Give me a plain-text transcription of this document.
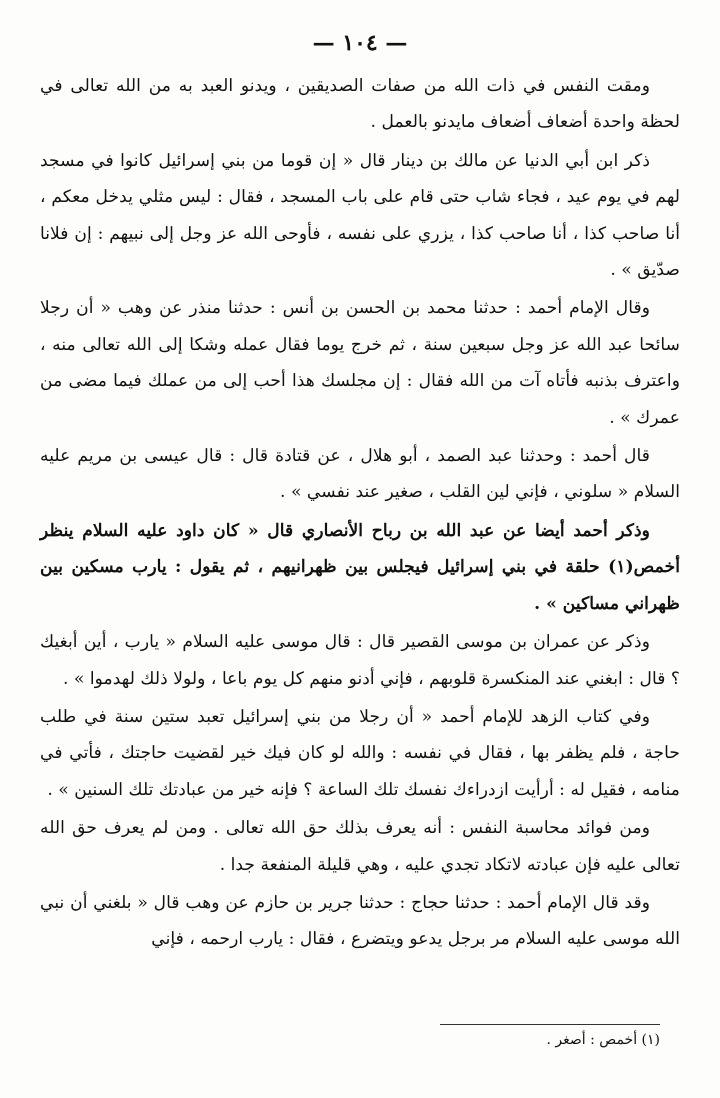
— ١٠٤ —

ومقت النفس في ذات الله من صفات الصديقين ، ويدنو العبد به من الله تعالى في لحظة واحدة أضعاف أضعاف مايدنو بالعمل .

ذكر ابن أبي الدنيا عن مالك بن دينار قال « إن قوما من بني إسرائيل كانوا في مسجد لهم في يوم عيد ، فجاء شاب حتى قام على باب المسجد ، فقال : ليس مثلي يدخل معكم ، أنا صاحب كذا ، أنا صاحب كذا ، يزري على نفسه ، فأوحى الله عز وجل إلى نبيهم : إن فلانا صدّيق » .

وقال الإمام أحمد : حدثنا محمد بن الحسن بن أنس : حدثنا منذر عن وهب « أن رجلا سائحا عبد الله عز وجل سبعين سنة ، ثم خرج يوما فقال عمله وشكا إلى الله تعالى منه ، واعترف بذنبه فأتاه آت من الله فقال : إن مجلسك هذا أحب إلى من عملك فيما مضى من عمرك » .

قال أحمد : وحدثنا عبد الصمد ، أبو هلال ، عن قتادة قال : قال عيسى بن مريم عليه السلام « سلوني ، فإني لين القلب ، صغير عند نفسي » .

وذكر أحمد أيضا عن عبد الله بن رباح الأنصاري قال « كان داود عليه السلام ينظر أخمص(١) حلقة في بني إسرائيل فيجلس بين ظهرانيهم ، ثم يقول : يارب مسكين بين ظهراني مساكين » .

وذكر عن عمران بن موسى القصير قال : قال موسى عليه السلام « يارب ، أين أبغيك ؟ قال : ابغني عند المنكسرة قلوبهم ، فإني أدنو منهم كل يوم باعا ، ولولا ذلك لهدموا » .

وفي كتاب الزهد للإمام أحمد « أن رجلا من بني إسرائيل تعبد ستين سنة في طلب حاجة ، فلم يظفر بها ، فقال في نفسه : والله لو كان فيك خير لقضيت حاجتك ، فأتي في منامه ، فقيل له : أرأيت ازدراءك نفسك تلك الساعة ؟ فإنه خير من عبادتك تلك السنين » .

ومن فوائد محاسبة النفس : أنه يعرف بذلك حق الله تعالى . ومن لم يعرف حق الله تعالى عليه فإن عبادته لاتكاد تجدي عليه ، وهي قليلة المنفعة جدا .

وقد قال الإمام أحمد : حدثنا حجاج : حدثنا جرير بن حازم عن وهب قال « بلغني أن نبي الله موسى عليه السلام مر برجل يدعو ويتضرع ، فقال : يارب ارحمه ، فإني

(١) أخمص : أصغر .
